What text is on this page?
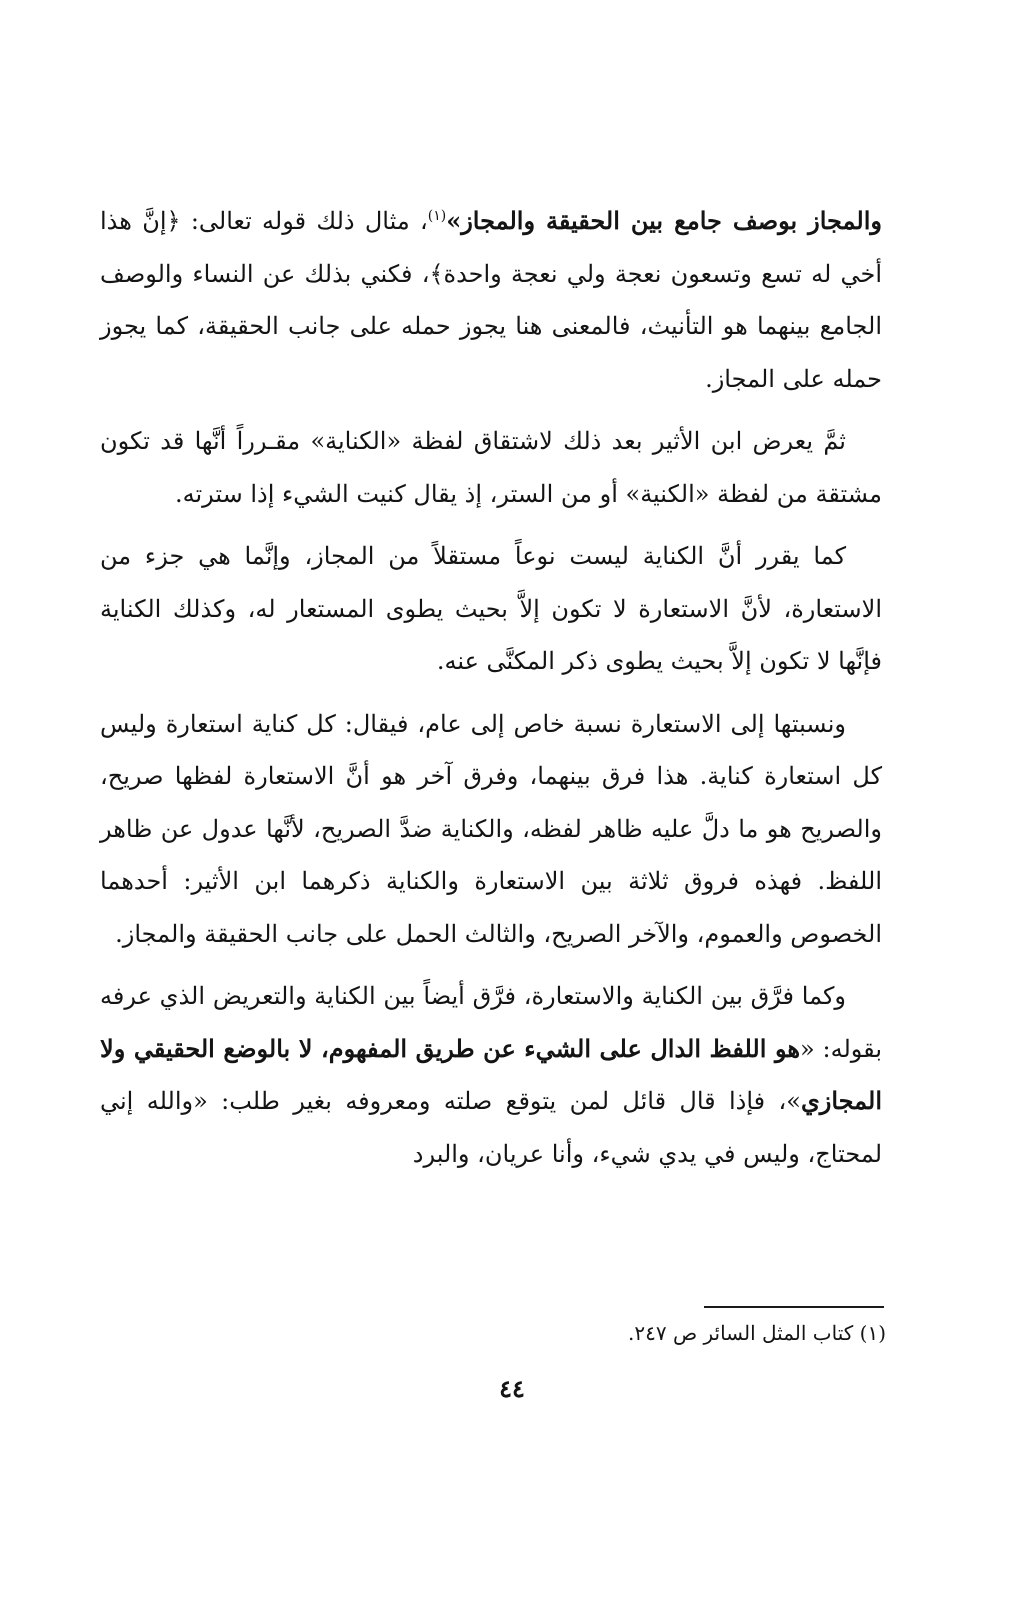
والمجاز بوصف جامع بين الحقيقة والمجاز»$^{(١)}$، مثال ذلك قوله تعالى: ﴿إنَّ هذا أخي له تسع وتسعون نعجة ولي نعجة واحدة﴾، فكني بذلك عن النساء والوصف الجامع بينهما هو التأنيث، فالمعنى هنا يجوز حمله على جانب الحقيقة، كما يجوز حمله على المجاز.

ثمَّ يعرض ابن الأثير بعد ذلك لاشتقاق لفظة «الكناية» مقـرراً أنَّها قد تكون مشتقة من لفظة «الكنية» أو من الستر، إذ يقال كنيت الشيء إذا سترته.

كما يقرر أنَّ الكناية ليست نوعاً مستقلاً من المجاز، وإنَّما هي جزء من الاستعارة، لأنَّ الاستعارة لا تكون إلاَّ بحيث يطوى المستعار له، وكذلك الكناية فإنَّها لا تكون إلاَّ بحيث يطوى ذكر المكنَّى عنه.

ونسبتها إلى الاستعارة نسبة خاص إلى عام، فيقال: كل كناية استعارة وليس كل استعارة كناية. هذا فرق بينهما، وفرق آخر هو أنَّ الاستعارة لفظها صريح، والصريح هو ما دلَّ عليه ظاهر لفظه، والكناية ضدَّ الصريح، لأنَّها عدول عن ظاهر اللفظ. فهذه فروق ثلاثة بين الاستعارة والكناية ذكرهما ابن الأثير: أحدهما الخصوص والعموم، والآخر الصريح، والثالث الحمل على جانب الحقيقة والمجاز.

وكما فرَّق بين الكناية والاستعارة، فرَّق أيضاً بين الكناية والتعريض الذي عرفه بقوله: «هو اللفظ الدال على الشيء عن طريق المفهوم، لا بالوضع الحقيقي ولا المجازي»، فإذا قال قائل لمن يتوقع صلته ومعروفه بغير طلب: «والله إني لمحتاج، وليس في يدي شيء، وأنا عريان، والبرد

(١) كتاب المثل السائر ص ٢٤٧.
٤٤
